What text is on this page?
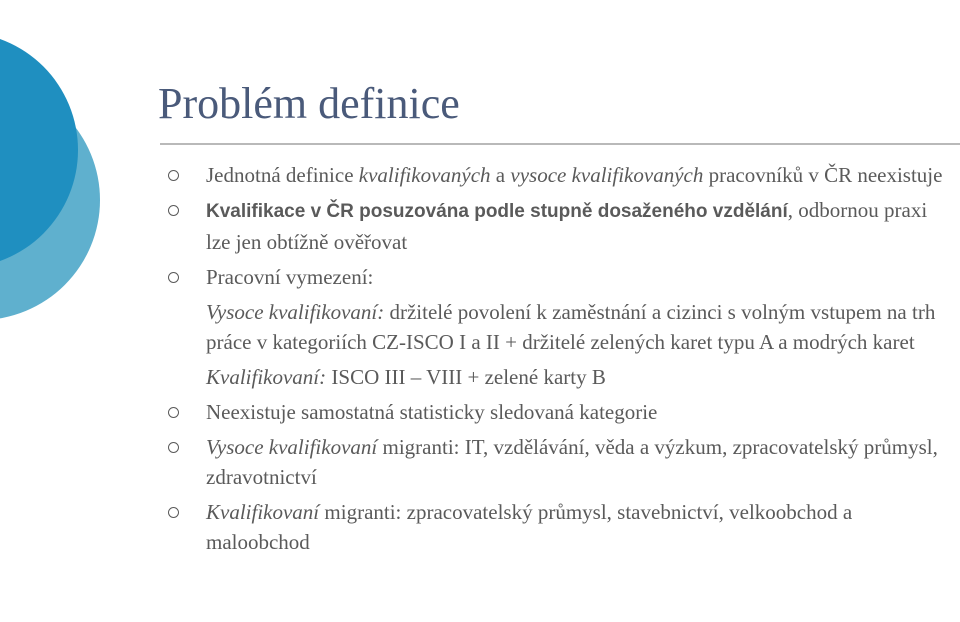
Problém definice
Jednotná definice kvalifikovaných a vysoce kvalifikovaných pracovníků v ČR neexistuje
Kvalifikace v ČR posuzována podle stupně dosaženého vzdělání, odbornou praxi lze jen obtížně ověřovat
Pracovní vymezení:
Vysoce kvalifikovaní: držitelé povolení k zaměstnání a cizinci s volným vstupem na trh práce v kategoriích CZ-ISCO I a II + držitelé zelených karet typu A a modrých karet
Kvalifikovaní: ISCO III – VIII + zelené karty B
Neexistuje samostatná statisticky sledovaná kategorie
Vysoce kvalifikovaní migranti: IT, vzdělávání, věda a výzkum, zpracovatelský průmysl, zdravotnictví
Kvalifikovaní migranti: zpracovatelský průmysl, stavebnictví, velkoobchod a maloobchod
